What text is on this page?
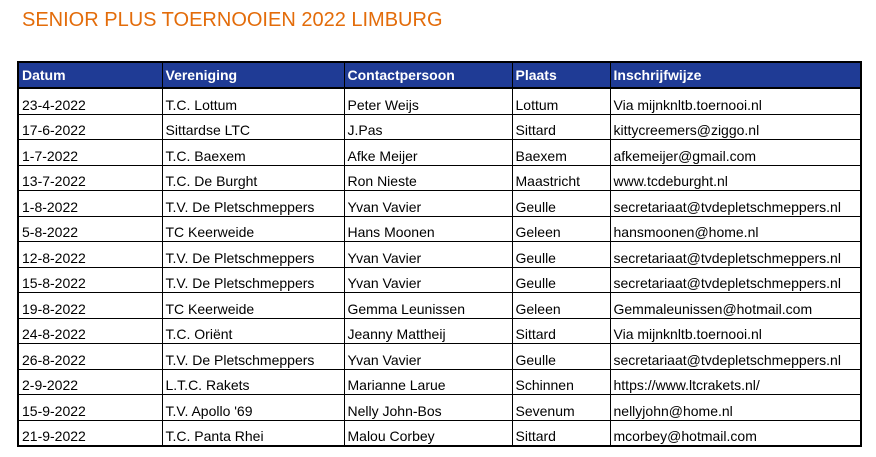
SENIOR PLUS TOERNOOIEN 2022 LIMBURG
Datum	Vereniging	Contactpersoon	Plaats	Inschrijfwijze
23-4-2022	T.C. Lottum	Peter Weijs	Lottum	Via mijnknltb.toernooi.nl
17-6-2022	Sittardse LTC	J.Pas	Sittard	kittycreemers@ziggo.nl
1-7-2022	T.C. Baexem	Afke Meijer	Baexem	afkemeijer@gmail.com
13-7-2022	T.C. De Burght	Ron Nieste	Maastricht	www.tcdeburght.nl
1-8-2022	T.V. De Pletschmeppers	Yvan Vavier	Geulle	secretariaat@tvdepletschmeppers.nl
5-8-2022	TC Keerweide	Hans Moonen	Geleen	hansmoonen@home.nl
12-8-2022	T.V. De Pletschmeppers	Yvan Vavier	Geulle	secretariaat@tvdepletschmeppers.nl
15-8-2022	T.V. De Pletschmeppers	Yvan Vavier	Geulle	secretariaat@tvdepletschmeppers.nl
19-8-2022	TC Keerweide	Gemma Leunissen	Geleen	Gemmaleunissen@hotmail.com
24-8-2022	T.C. Oriënt	Jeanny Mattheij	Sittard	Via mijnknltb.toernooi.nl
26-8-2022	T.V. De Pletschmeppers	Yvan Vavier	Geulle	secretariaat@tvdepletschmeppers.nl
2-9-2022	L.T.C. Rakets	Marianne Larue	Schinnen	https://www.ltcrakets.nl/
15-9-2022	T.V. Apollo '69	Nelly John-Bos	Sevenum	nellyjohn@home.nl
21-9-2022	T.C. Panta Rhei	Malou Corbey	Sittard	mcorbey@hotmail.com
